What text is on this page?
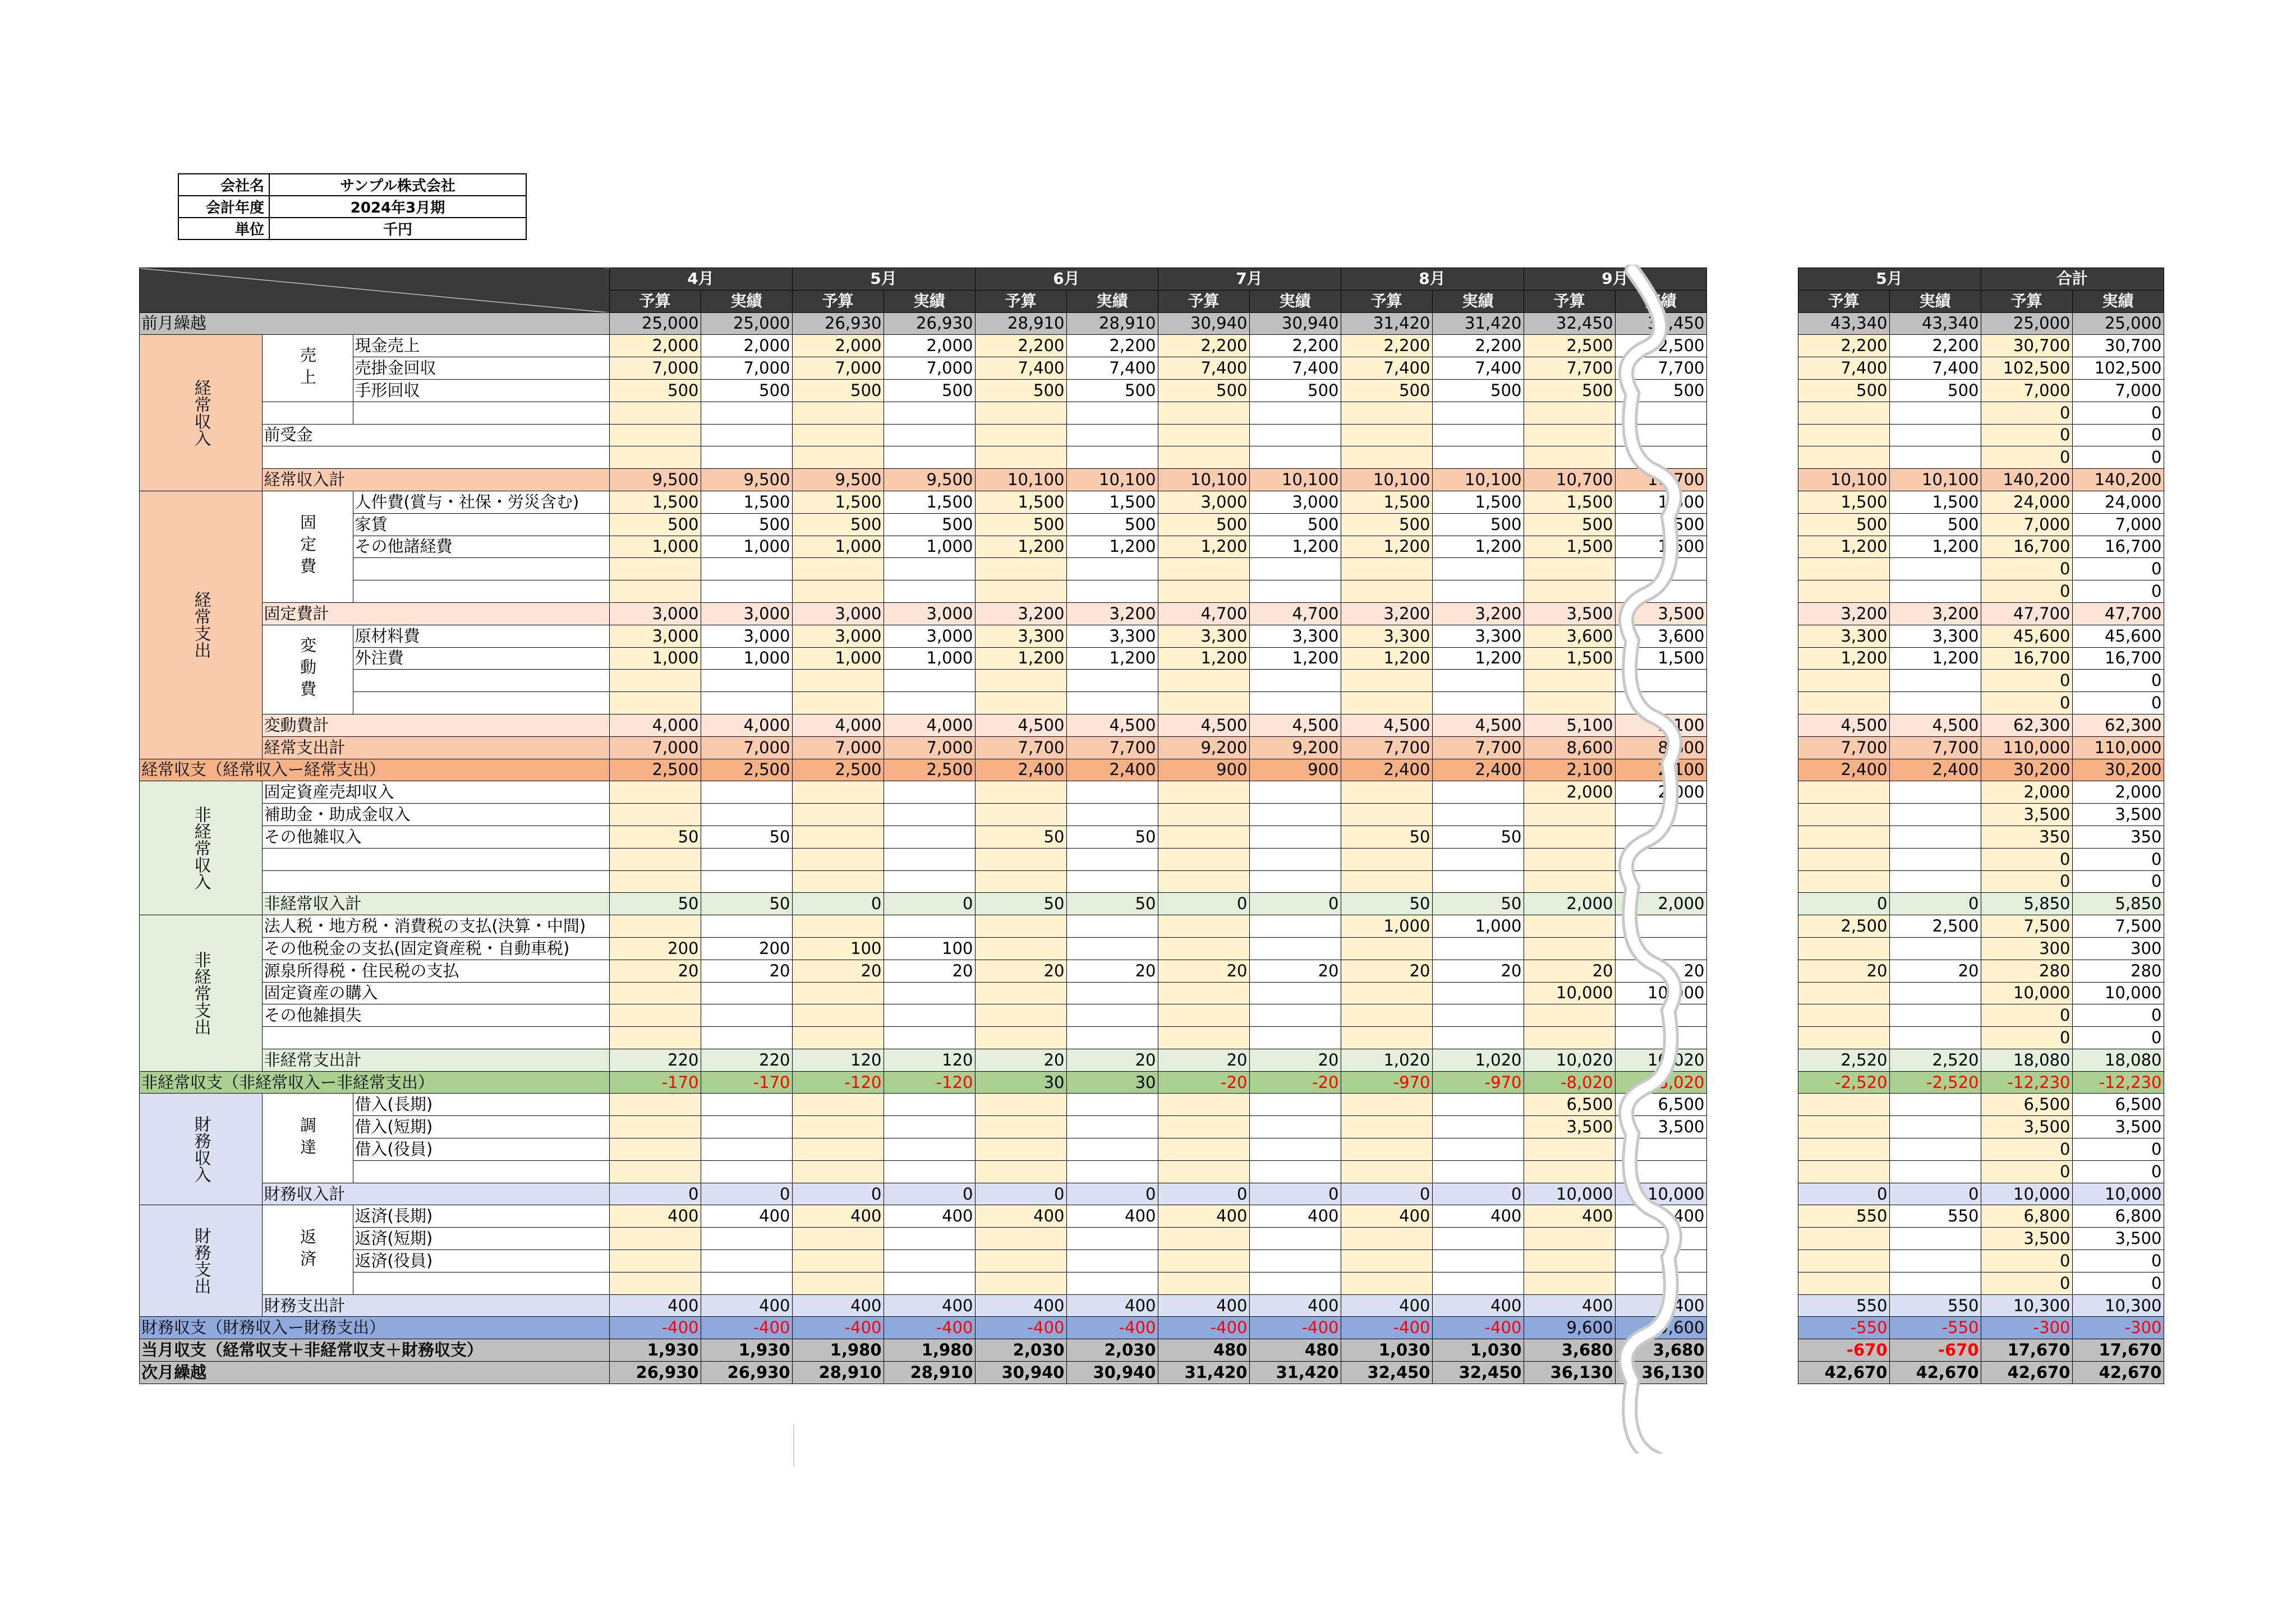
会社名	サンプル株式会社
会計年度	2024年3月期
単位	千円
			4月		5月		6月		7月		8月		9月			5月		合計	
			予算	実績	予算	実績	予算	実績	予算	実績	予算	実績	予算	実績		予算	実績	予算	実績
前月繰越			25,000	25,000	26,930	26,930	28,910	28,910	30,940	30,940	31,420	31,420	32,450	32,450		43,340	43,340	25,000	25,000
経常収入	売上	現金売上	2,000	2,000	2,000	2,000	2,200	2,200	2,200	2,200	2,200	2,200	2,500	2,500		2,200	2,200	30,700	30,700
		売掛金回収	7,000	7,000	7,000	7,000	7,400	7,400	7,400	7,400	7,400	7,400	7,700	7,700		7,400	7,400	102,500	102,500
		手形回収	500	500	500	500	500	500	500	500	500	500	500	500		500	500	7,000	7,000
																		0	0
	前受金																	0	0
																		0	0
	経常収入計		9,500	9,500	9,500	9,500	10,100	10,100	10,100	10,100	10,100	10,100	10,700	10,700		10,100	10,100	140,200	140,200
経常支出	固定費	人件費(賞与・社保・労災含む)	1,500	1,500	1,500	1,500	1,500	1,500	3,000	3,000	1,500	1,500	1,500	1,500		1,500	1,500	24,000	24,000
		家賃	500	500	500	500	500	500	500	500	500	500	500	500		500	500	7,000	7,000
		その他諸経費	1,000	1,000	1,000	1,000	1,200	1,200	1,200	1,200	1,200	1,200	1,500	1,500		1,200	1,200	16,700	16,700
																		0	0
																		0	0
	固定費計		3,000	3,000	3,000	3,000	3,200	3,200	4,700	4,700	3,200	3,200	3,500	3,500		3,200	3,200	47,700	47,700
	変動費	原材料費	3,000	3,000	3,000	3,000	3,300	3,300	3,300	3,300	3,300	3,300	3,600	3,600		3,300	3,300	45,600	45,600
		外注費	1,000	1,000	1,000	1,000	1,200	1,200	1,200	1,200	1,200	1,200	1,500	1,500		1,200	1,200	16,700	16,700
																		0	0
																		0	0
	変動費計		4,000	4,000	4,000	4,000	4,500	4,500	4,500	4,500	4,500	4,500	5,100	5,100		4,500	4,500	62,300	62,300
	経常支出計		7,000	7,000	7,000	7,000	7,700	7,700	9,200	9,200	7,700	7,700	8,600	8,600		7,700	7,700	110,000	110,000
経常収支（経常収入ー経常支出）			2,500	2,500	2,500	2,500	2,400	2,400	900	900	2,400	2,400	2,100	2,100		2,400	2,400	30,200	30,200
非経常収入	固定資産売却収入												2,000	2,000				2,000	2,000
	補助金・助成金収入																	3,500	3,500
	その他雑収入		50	50			50	50			50	50						350	350
																		0	0
																		0	0
	非経常収入計		50	50	0	0	50	50	0	0	50	50	2,000	2,000		0	0	5,850	5,850
非経常支出	法人税・地方税・消費税の支払(決算・中間)										1,000	1,000				2,500	2,500	7,500	7,500
	その他税金の支払(固定資産税・自動車税)		200	200	100	100												300	300
	源泉所得税・住民税の支払		20	20	20	20	20	20	20	20	20	20	20	20		20	20	280	280
	固定資産の購入												10,000	10,000				10,000	10,000
	その他雑損失																	0	0
																		0	0
	非経常支出計		220	220	120	120	20	20	20	20	1,020	1,020	10,020	10,020		2,520	2,520	18,080	18,080
非経常収支（非経常収入ー非経常支出）			-170	-170	-120	-120	30	30	-20	-20	-970	-970	-8,020	-8,020		-2,520	-2,520	-12,230	-12,230
財務収入	調達	借入(長期)											6,500	6,500				6,500	6,500
		借入(短期)											3,500	3,500				3,500	3,500
		借入(役員)																0	0
																		0	0
	財務収入計		0	0	0	0	0	0	0	0	0	0	10,000	10,000		0	0	10,000	10,000
財務支出	返済	返済(長期)	400	400	400	400	400	400	400	400	400	400	400	400		550	550	6,800	6,800
		返済(短期)																3,500	3,500
		返済(役員)																0	0
																		0	0
	財務支出計		400	400	400	400	400	400	400	400	400	400	400	400		550	550	10,300	10,300
財務収支（財務収入ー財務支出）			-400	-400	-400	-400	-400	-400	-400	-400	-400	-400	9,600	9,600		-550	-550	-300	-300
当月収支（経常収支＋非経常収支＋財務収支）			1,930	1,930	1,980	1,980	2,030	2,030	480	480	1,030	1,030	3,680	3,680		-670	-670	17,670	17,670
次月繰越			26,930	26,930	28,910	28,910	30,940	30,940	31,420	31,420	32,450	32,450	36,130	36,130		42,670	42,670	42,670	42,670
